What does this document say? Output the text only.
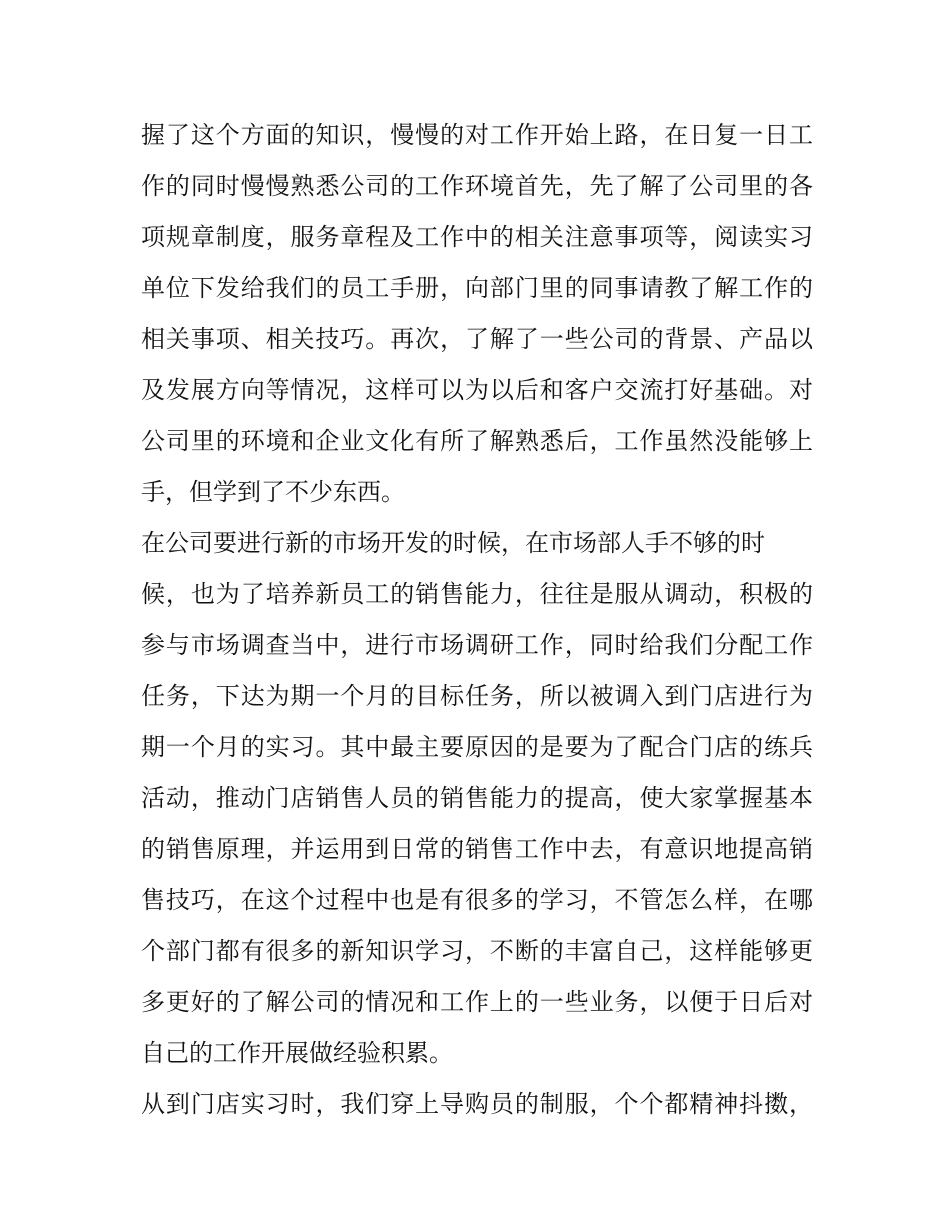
握了这个方面的知识，慢慢的对工作开始上路，在日复一日工
作的同时慢慢熟悉公司的工作环境首先，先了解了公司里的各
项规章制度，服务章程及工作中的相关注意事项等，阅读实习
单位下发给我们的员工手册，向部门里的同事请教了解工作的
相关事项、相关技巧。再次，了解了一些公司的背景、产品以
及发展方向等情况，这样可以为以后和客户交流打好基础。对
公司里的环境和企业文化有所了解熟悉后，工作虽然没能够上
手，但学到了不少东西。
在公司要进行新的市场开发的时候，在市场部人手不够的时
候，也为了培养新员工的销售能力，往往是服从调动，积极的
参与市场调查当中，进行市场调研工作，同时给我们分配工作
任务，下达为期一个月的目标任务，所以被调入到门店进行为
期一个月的实习。其中最主要原因的是要为了配合门店的练兵
活动，推动门店销售人员的销售能力的提高，使大家掌握基本
的销售原理，并运用到日常的销售工作中去，有意识地提高销
售技巧，在这个过程中也是有很多的学习，不管怎么样，在哪
个部门都有很多的新知识学习，不断的丰富自己，这样能够更
多更好的了解公司的情况和工作上的一些业务，以便于日后对
自己的工作开展做经验积累。
从到门店实习时，我们穿上导购员的制服，个个都精神抖擞，
